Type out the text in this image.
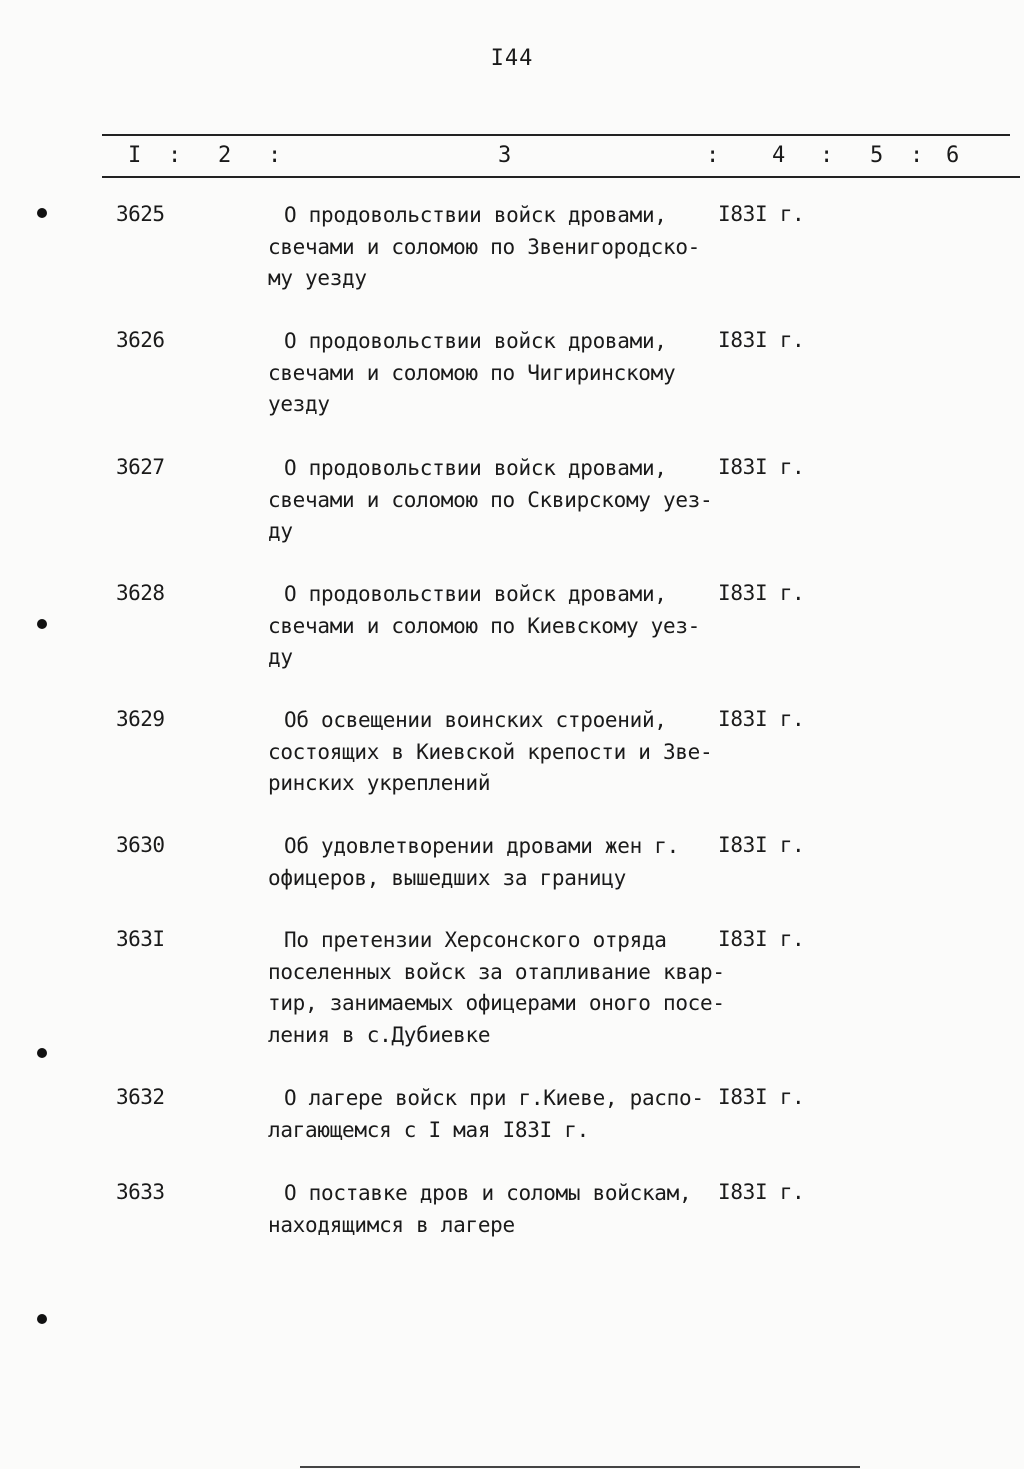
I44
I : 2 :	3	: 4 : 5 : 6
3625	О продовольствии войск дровами,
свечами и соломою по Звенигородско-
му уезду
I83I г.
3626	О продовольствии войск дровами,
свечами и соломою по Чигиринскому
уезду
I83I г.
3627	О продовольствии войск дровами,
свечами и соломою по Сквирскому уез-
ду
I83I г.
3628	О продовольствии войск дровами,
свечами и соломою по Киевскому уез-
ду
I83I г.
3629	Об освещении воинских строений,
состоящих в Киевской крепости и Зве-
ринских укреплений
I83I г.
3630	Об удовлетворении дровами жен г.
офицеров, вышедших за границу
I83I г.
363I	По претензии Херсонского отряда
поселенных войск за отапливание квар-
тир, занимаемых офицерами оного посе-
ления в с.Дубиевке
I83I г.
3632	О лагере войск при г.Киеве, распо-
лагающемся с I мая I83I г.
I83I г.
3633	О поставке дров и соломы войскам,
находящимся в лагере
I83I г.
